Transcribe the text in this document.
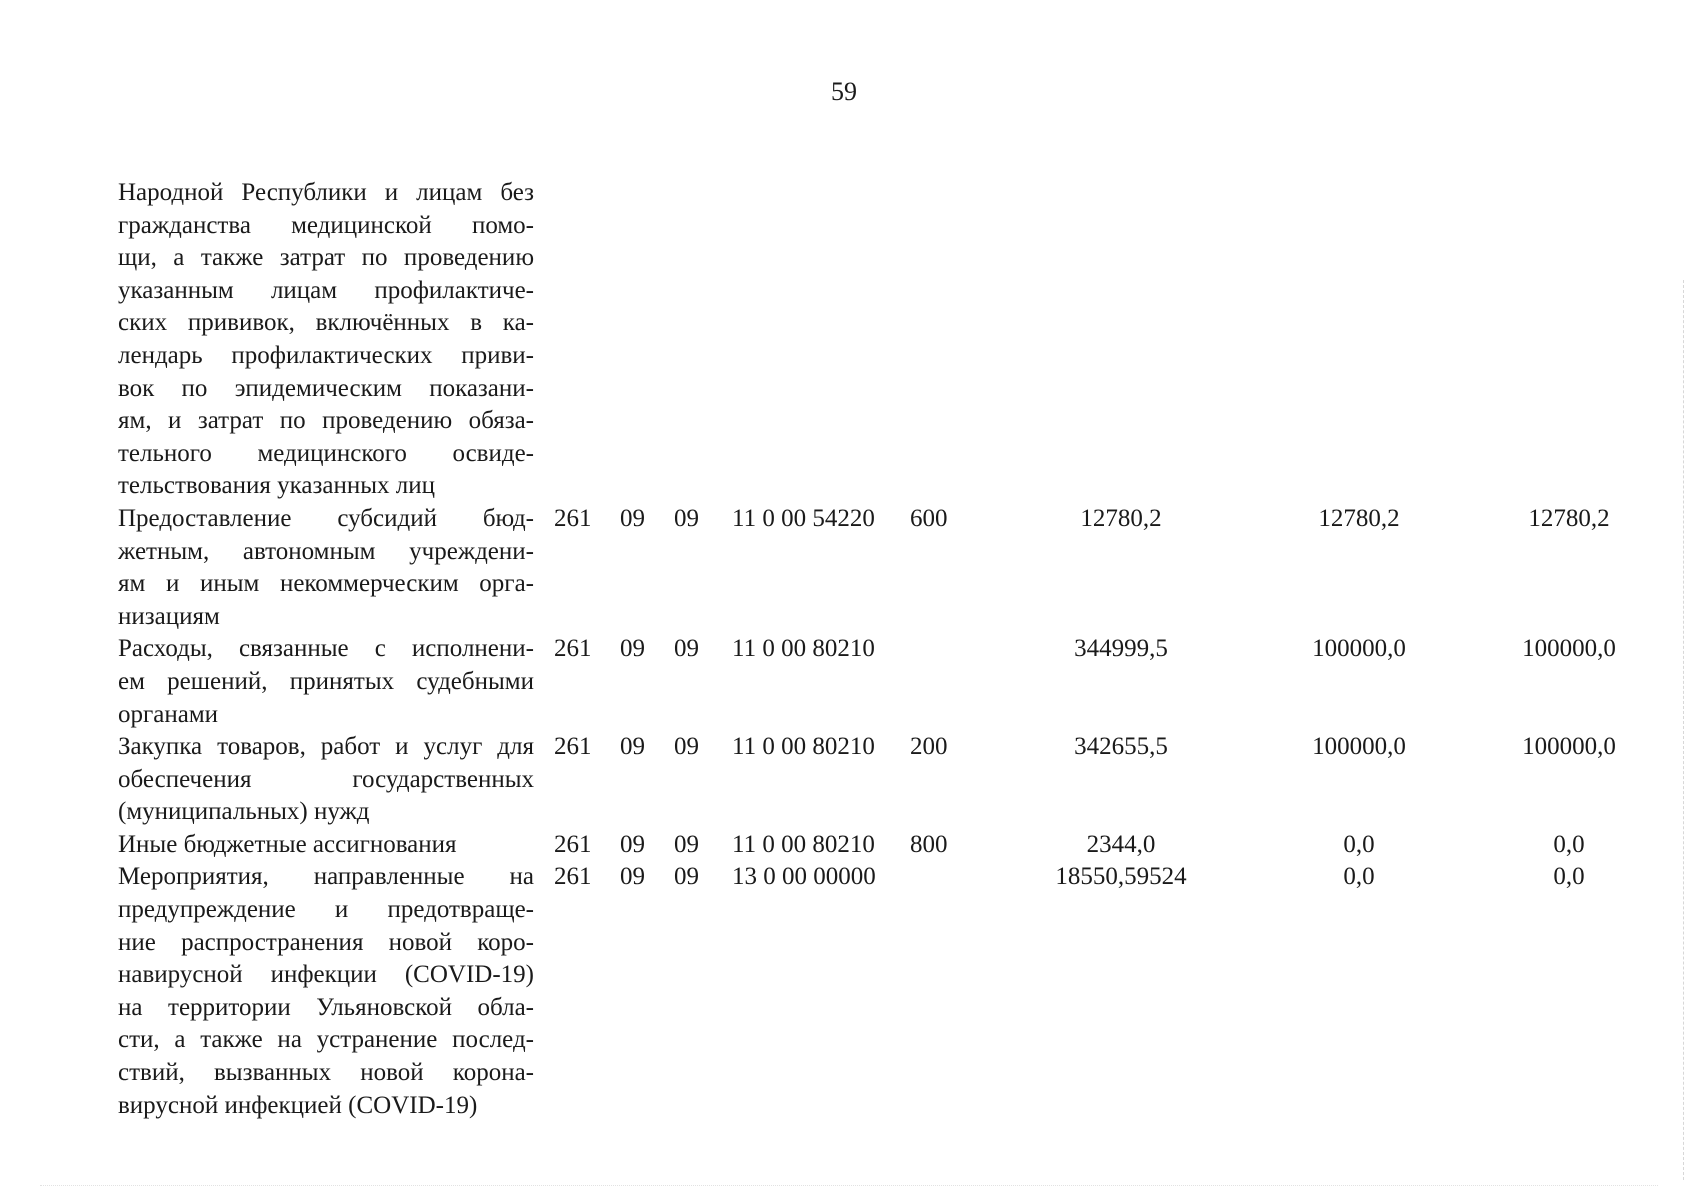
59
Народной Республики и лицам без
гражданства медицинской помо-
щи, а также затрат по проведению
указанным лицам профилактиче-
ских прививок, включённых в ка-
лендарь профилактических приви-
вок по эпидемическим показани-
ям, и затрат по проведению обяза-
тельного медицинского освиде-
тельствования указанных лиц
Предоставление субсидий бюд-
жетным, автономным учреждени-
ям и иным некоммерческим орга-
низациям
261 09 09 11 0 00 54220 600	12780,2	12780,2	12780,2
Расходы, связанные с исполнени-
ем решений, принятых судебными
органами
261 09 09 11 0 00 80210	344999,5	100000,0	100000,0
Закупка товаров, работ и услуг для
обеспечения государственных
(муниципальных) нужд
261 09 09 11 0 00 80210 200	342655,5	100000,0	100000,0
Иные бюджетные ассигнования	261 09 09 11 0 00 80210 800	2344,0	0,0	0,0
Мероприятия, направленные на
предупреждение и предотвраще-
ние распространения новой коро-
навирусной инфекции (COVID-19)
на территории Ульяновской обла-
сти, а также на устранение послед-
ствий, вызванных новой корона-
вирусной инфекцией (COVID-19)
261 09 09 13 0 00 00000	18550,59524	0,0	0,0
